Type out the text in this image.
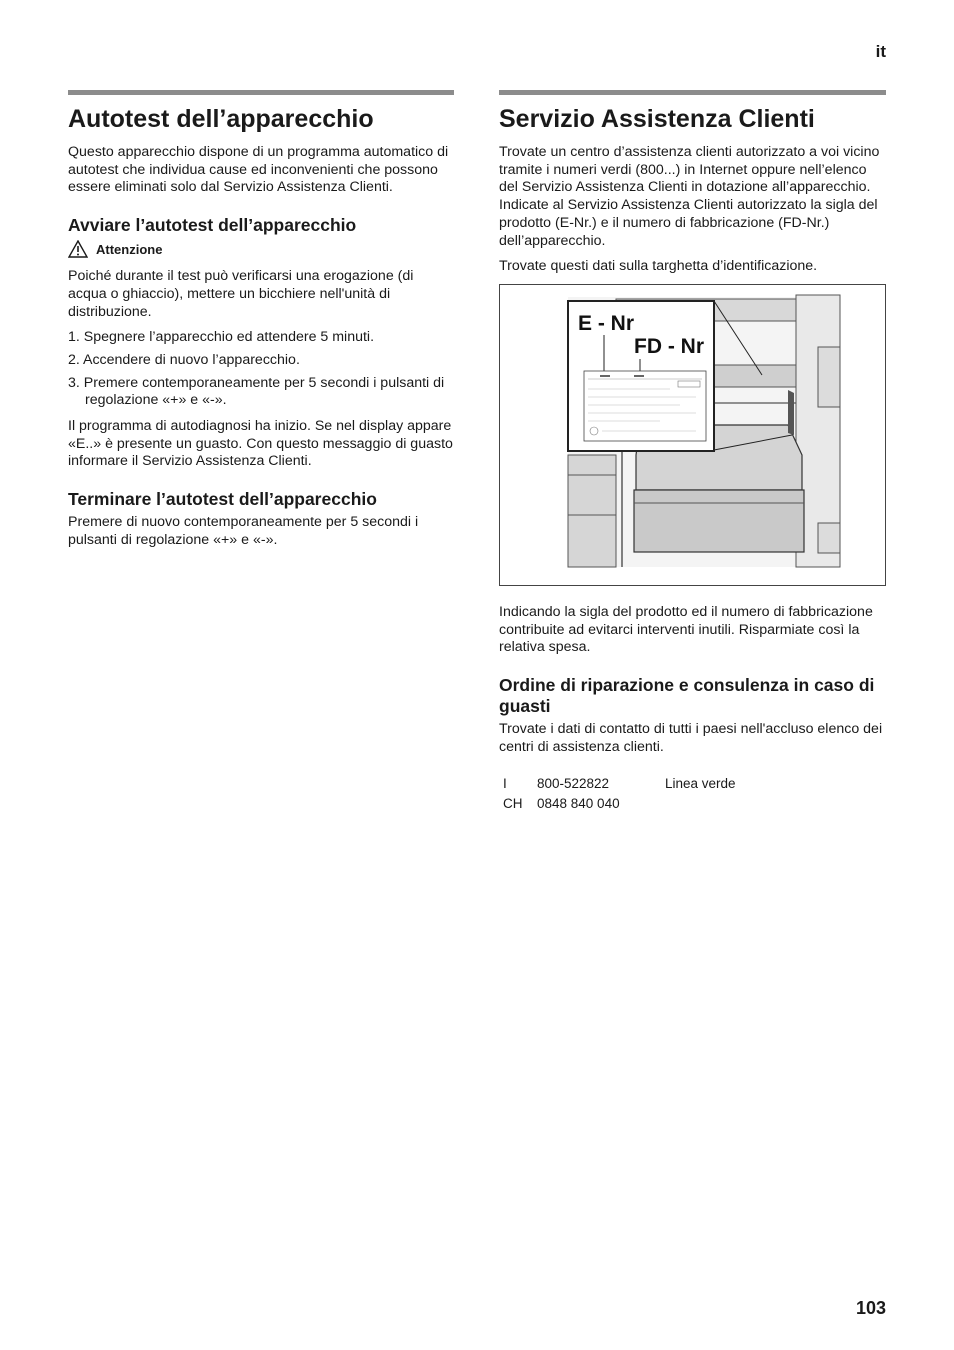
it
Autotest dell’apparecchio

Questo apparecchio dispone di un programma automatico di autotest che individua cause ed inconvenienti che possono essere eliminati solo dal Servizio Assistenza Clienti.

Avviare l’autotest dell’apparecchio
Attenzione

Poiché durante il test può verificarsi una erogazione (di acqua o ghiaccio), mettere un bicchiere nell'unità di distribuzione.

1. Spegnere l’apparecchio ed attendere 5 minuti.
2. Accendere di nuovo l’apparecchio.
3. Premere contemporaneamente per 5 secondi i pulsanti di regolazione «+» e «-».

Il programma di autodiagnosi ha inizio. Se nel display appare «E..» è presente un guasto. Con questo messaggio di guasto informare il Servizio Assistenza Clienti.

Terminare l’autotest dell’apparecchio

Premere di nuovo contemporaneamente per 5 secondi i pulsanti di regolazione «+» e «-».

Servizio Assistenza Clienti

Trovate un centro d’assistenza clienti autorizzato a voi vicino tramite i numeri verdi (800...) in Internet oppure nell’elenco del Servizio Assistenza Clienti in dotazione all’apparecchio. Indicate al Servizio Assistenza Clienti autorizzato la sigla del prodotto (E-Nr.) e il numero di fabbricazione (FD-Nr.) dell’apparecchio.

Trovate questi dati sulla targhetta d’identificazione.

E - Nr
FD - Nr

Indicando la sigla del prodotto ed il numero di fabbricazione contribuite ad evitarci interventi inutili. Risparmiate così la relativa spesa.

Ordine di riparazione e consulenza in caso di guasti

Trovate i dati di contatto di tutti i paesi nell'accluso elenco dei centri di assistenza clienti.

I	800-522822	Linea verde
CH	0848 840 040
103
